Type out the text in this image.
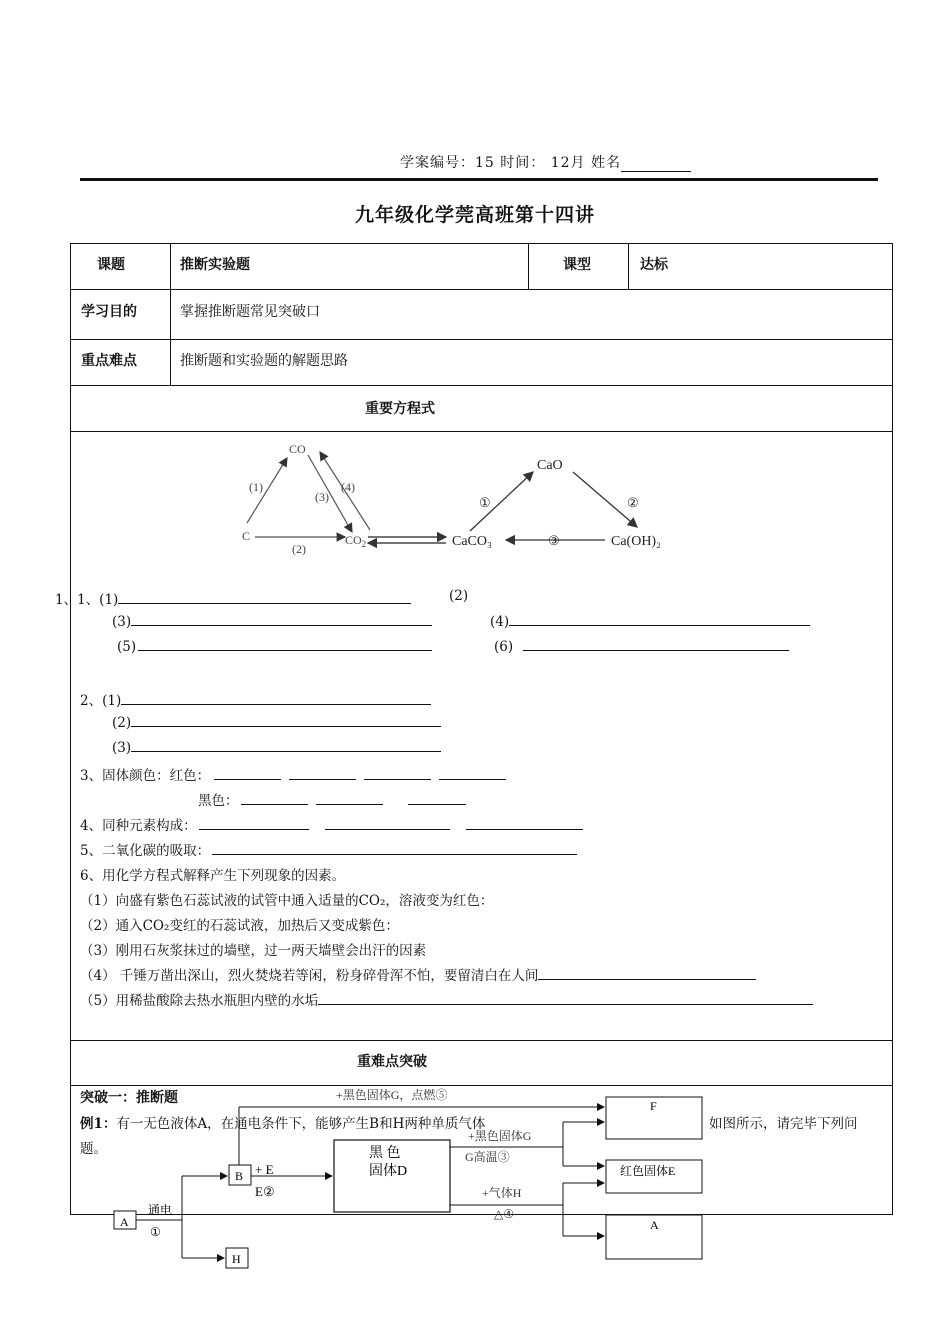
学案编号：15 时间： 12月 姓名
九年级化学莞高班第十四讲
课题	推断实验题	课型	达标
学习目的	掌握推断题常见突破口
重点难点	推断题和实验题的解题思路
重要方程式
重难点突破
CO
C	$CO_2$
(1)
(2)
(3)
(4)
CaO
CaCO₃	Ca(OH)₂
①	②
③
1、1、(1)	(2)
(3)	(4)
(5)	(6)
2、(1)
(2)
(3)
3、固体颜色：红色：
黑色：
4、同种元素构成：
5、二氧化碳的吸取：
6、用化学方程式解释产生下列现象的因素。
（1）向盛有紫色石蕊试液的试管中通入适量的CO₂，溶液变为红色：
（2）通入CO₂变红的石蕊试液，加热后又变成紫色：
（3）刚用石灰浆抹过的墙壁，过一两天墙壁会出汗的因素
（4） 千锤万凿出深山，烈火焚烧若等闲，粉身碎骨浑不怕，要留清白在人间
（5）用稀盐酸除去热水瓶胆内壁的水垢
突破一：推断题
例1：有一无色液体A，在通电条件下，能够产生B和H两种单质气体	如图所示，请完毕下列问
题。
A
B
H
通电
①
+ E
E②
黑 色
固体D
+黑色固体G，点燃⑤
+黑色固体G
G高温③
+气体H
△④
F
红色固体E
A
